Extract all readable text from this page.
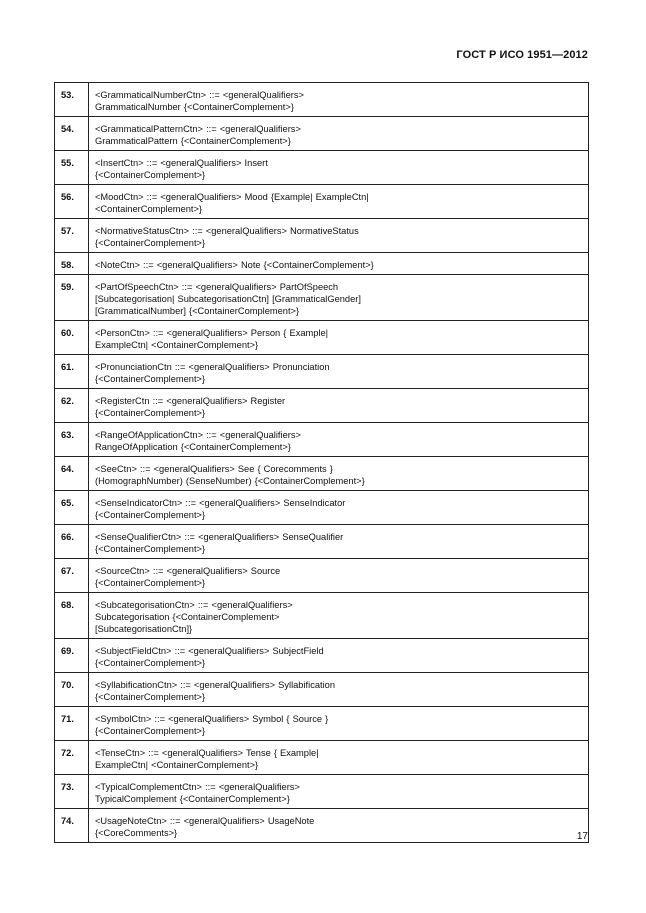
ГОСТ Р ИСО 1951—2012
53.	<GrammaticalNumberCtn> ::= <generalQualifiers>
GrammaticalNumber {<ContainerComplement>}
54.	<GrammaticalPatternCtn> ::= <generalQualifiers>
GrammaticalPattern {<ContainerComplement>}
55.	<InsertCtn> ::= <generalQualifiers> Insert
{<ContainerComplement>}
56.	<MoodCtn> ::= <generalQualifiers> Mood {Example| ExampleCtn|
<ContainerComplement>}
57.	<NormativeStatusCtn> ::= <generalQualifiers> NormativeStatus
{<ContainerComplement>}
58.	<NoteCtn> ::= <generalQualifiers> Note {<ContainerComplement>}
59.	<PartOfSpeechCtn> ::= <generalQualifiers> PartOfSpeech
[Subcategorisation| SubcategorisationCtn] [GrammaticalGender]
[GrammaticalNumber] {<ContainerComplement>}
60.	<PersonCtn> ::= <generalQualifiers> Person { Example|
ExampleCtn| <ContainerComplement>}
61.	<PronunciationCtn ::= <generalQualifiers> Pronunciation
{<ContainerComplement>}
62.	<RegisterCtn ::= <generalQualifiers> Register
{<ContainerComplement>}
63.	<RangeOfApplicationCtn> ::= <generalQualifiers>
RangeOfApplication {<ContainerComplement>}
64.	<SeeCtn> ::= <generalQualifiers> See { Corecomments }
(HomographNumber) (SenseNumber) {<ContainerComplement>}
65.	<SenseIndicatorCtn> ::= <generalQualifiers> SenseIndicator
{<ContainerComplement>}
66.	<SenseQualifierCtn> ::= <generalQualifiers> SenseQualifier
{<ContainerComplement>}
67.	<SourceCtn> ::= <generalQualifiers> Source
{<ContainerComplement>}
68.	<SubcategorisationCtn> ::= <generalQualifiers>
Subcategorisation {<ContainerComplement>
[SubcategorisationCtn]}
69.	<SubjectFieldCtn> ::= <generalQualifiers> SubjectField
{<ContainerComplement>}
70.	<SyllabificationCtn> ::= <generalQualifiers> Syllabification
{<ContainerComplement>}
71.	<SymbolCtn> ::= <generalQualifiers> Symbol { Source }
{<ContainerComplement>}
72.	<TenseCtn> ::= <generalQualifiers> Tense { Example|
ExampleCtn| <ContainerComplement>}
73.	<TypicalComplementCtn> ::= <generalQualifiers>
TypicalComplement {<ContainerComplement>}
74.	<UsageNoteCtn> ::= <generalQualifiers> UsageNote
{<CoreComments>}	17
